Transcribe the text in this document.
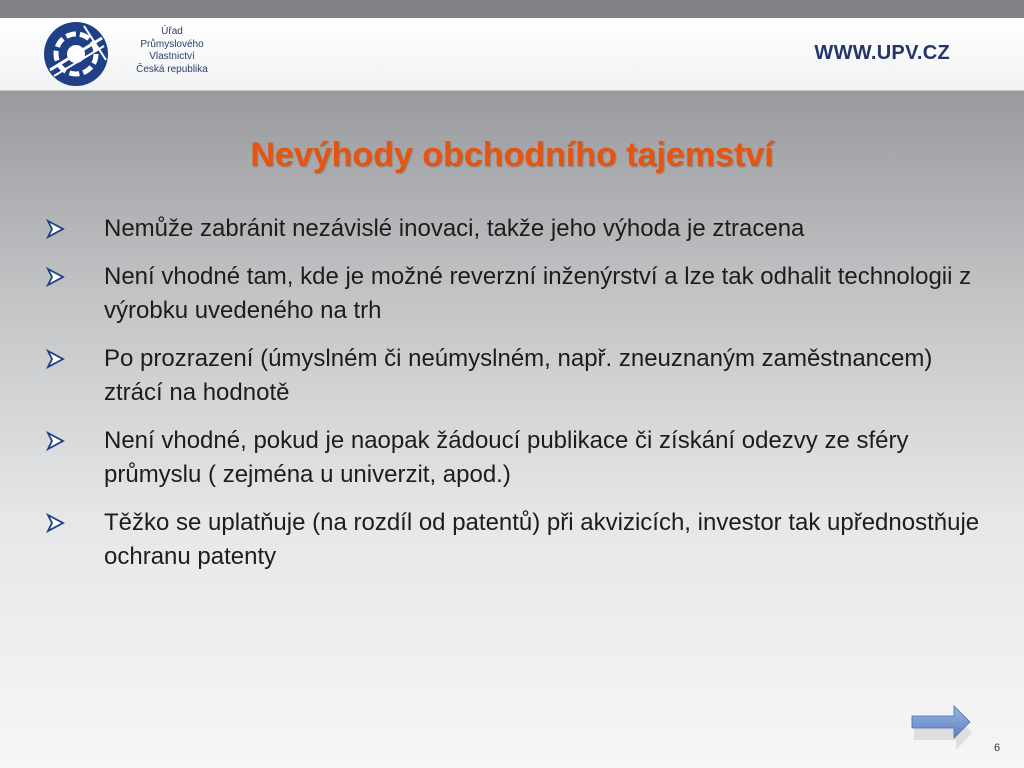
Úřad
Průmyslového
Vlastnictví
Česká republika
WWW.UPV.CZ
Nevýhody obchodního tajemství
Nemůže zabránit nezávislé inovaci, takže jeho výhoda je ztracena
Není vhodné tam, kde je možné reverzní inženýrství a lze tak odhalit technologii z výrobku uvedeného na trh
Po prozrazení (úmyslném či neúmyslném, např. zneuznaným zaměstnancem) ztrácí na hodnotě
Není vhodné, pokud je naopak žádoucí publikace či získání odezvy ze sféry průmyslu ( zejména u univerzit, apod.)
Těžko se uplatňuje (na rozdíl od patentů) při akvizicích, investor tak upřednostňuje ochranu patenty
6
